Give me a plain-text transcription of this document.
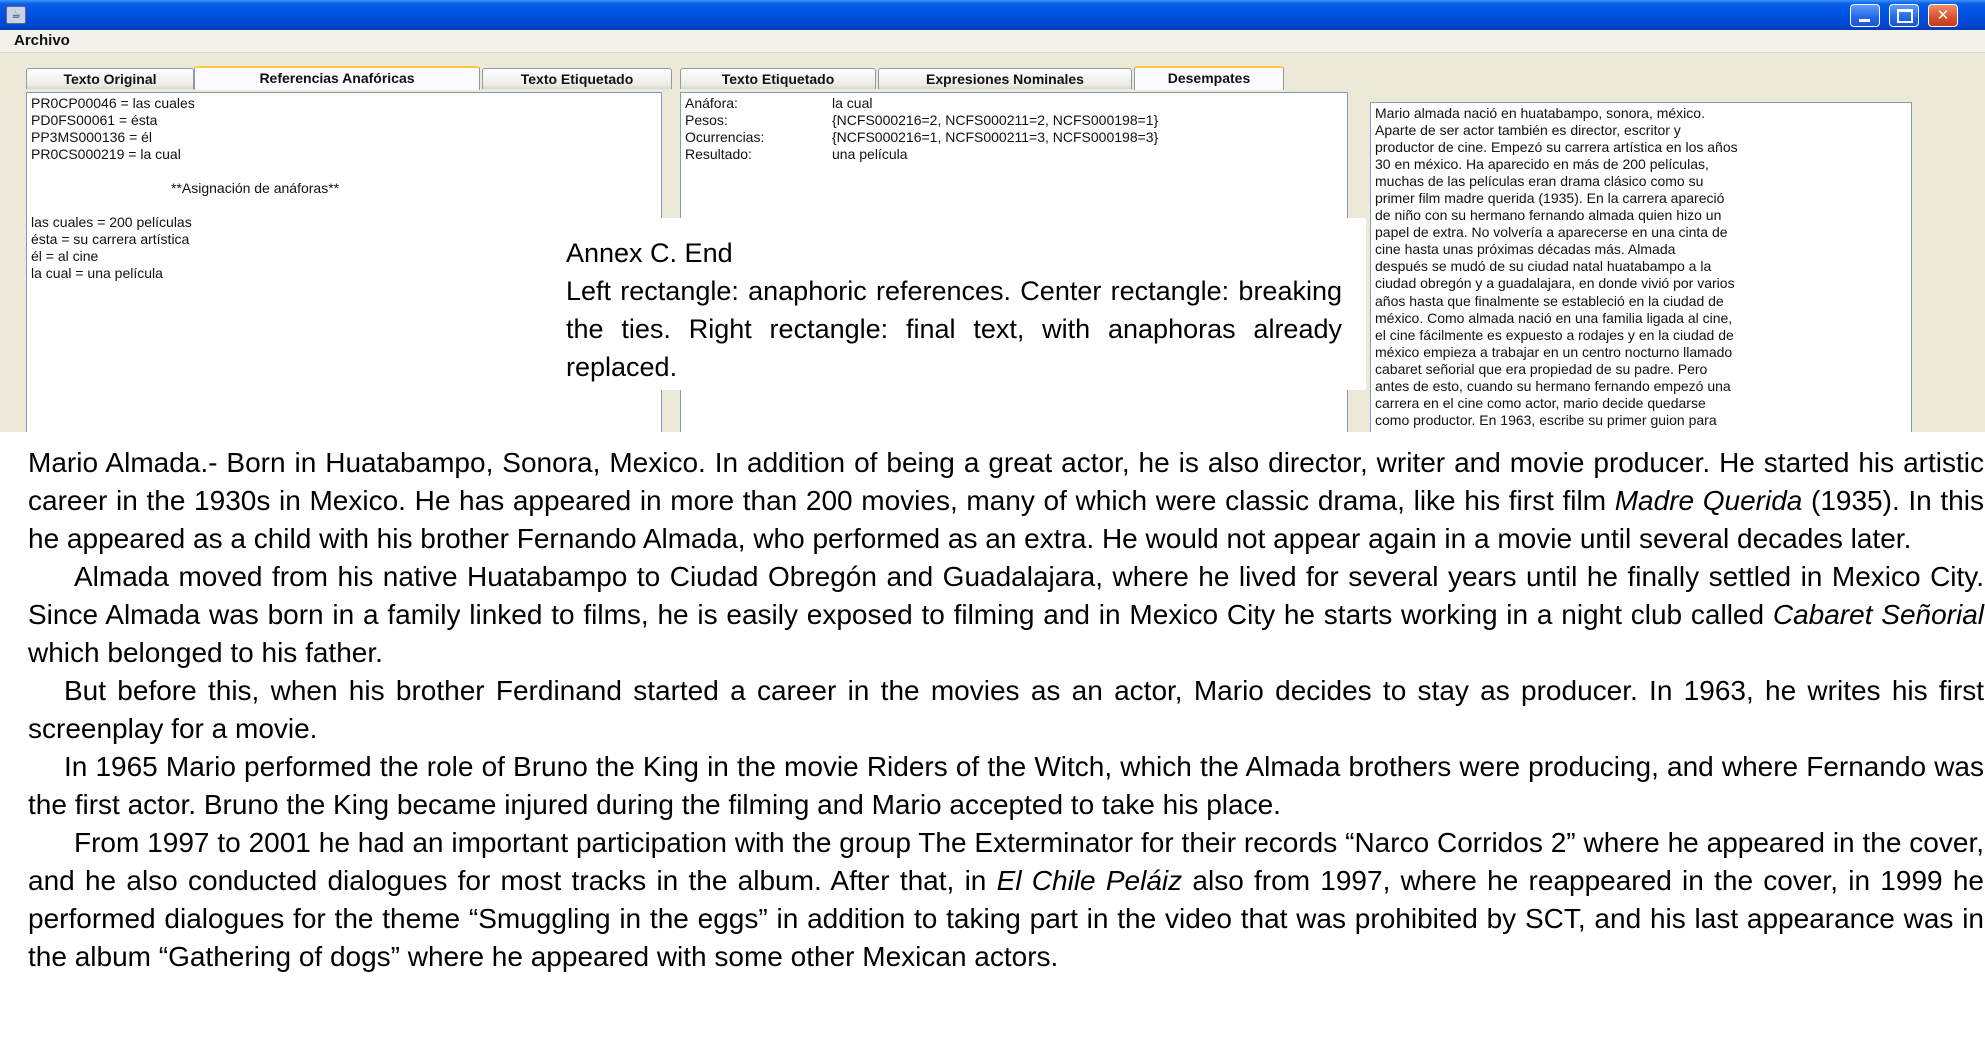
☕	✕
Archivo
Texto Original	Referencias Anafóricas	Texto Etiquetado	Texto Etiquetado	Expresiones Nominales	Desempates
PR0CP00046 = las cuales
PD0FS00061 = ésta
PP3MS000136 = él
PR0CS000219 = la cual

**Asignación de anáforas**

las cuales = 200 películas
ésta = su carrera artística
él = al cine
la cual = una película
Anáfora:	la cual
Pesos:	{NCFS000216=2, NCFS000211=2, NCFS000198=1}
Ocurrencias:	{NCFS000216=1, NCFS000211=3, NCFS000198=3}
Resultado:	una película
Mario almada nació en huatabampo, sonora, méxico.
Aparte de ser actor también es director, escritor y
productor de cine. Empezó su carrera artística en los años
30 en méxico. Ha aparecido en más de 200 películas,
muchas de las películas eran drama clásico como su
primer film madre querida (1935). En la carrera apareció
de niño con su hermano fernando almada quien hizo un
papel de extra. No volvería a aparecerse en una cinta de
cine hasta unas próximas décadas más. Almada
después se mudó de su ciudad natal huatabampo a la
ciudad obregón y a guadalajara, en donde vivió por varios
años hasta que finalmente se estableció en la ciudad de
méxico. Como almada nació en una familia ligada al cine,
el cine fácilmente es expuesto a rodajes y en la ciudad de
méxico empieza a trabajar en un centro nocturno llamado
cabaret señorial que era propiedad de su padre. Pero
antes de esto, cuando su hermano fernando empezó una
carrera en el cine como actor, mario decide quedarse
como productor. En 1963, escribe su primer guion para
Annex C. End
Left rectangle: anaphoric references. Center rectangle: breaking the ties. Right rectangle: final text, with anaphoras already replaced.

Mario Almada.- Born in Huatabampo, Sonora, Mexico. In addition of being a great actor, he is also director, writer and movie producer. He started his artistic career in the 1930s in Mexico. He has appeared in more than 200 movies, many of which were classic drama, like his first film Madre Querida (1935). In this he appeared as a child with his brother Fernando Almada, who performed as an extra. He would not appear again in a movie until several decades later.

Almada moved from his native Huatabampo to Ciudad Obregón and Guadalajara, where he lived for several years until he finally settled in Mexico City. Since Almada was born in a family linked to films, he is easily exposed to filming and in Mexico City he starts working in a night club called Cabaret Señorial which belonged to his father.

But before this, when his brother Ferdinand started a career in the movies as an actor, Mario decides to stay as producer. In 1963, he writes his first screenplay for a movie.

In 1965 Mario performed the role of Bruno the King in the movie Riders of the Witch, which the Almada brothers were producing, and where Fernando was the first actor. Bruno the King became injured during the filming and Mario accepted to take his place.

From 1997 to 2001 he had an important participation with the group The Exterminator for their records “Narco Corridos 2” where he appeared in the cover, and he also conducted dialogues for most tracks in the album. After that, in El Chile Peláiz also from 1997, where he reappeared in the cover, in 1999 he performed dialogues for the theme “Smuggling in the eggs” in addition to taking part in the video that was prohibited by SCT, and his last appearance was in the album “Gathering of dogs” where he appeared with some other Mexican actors.
